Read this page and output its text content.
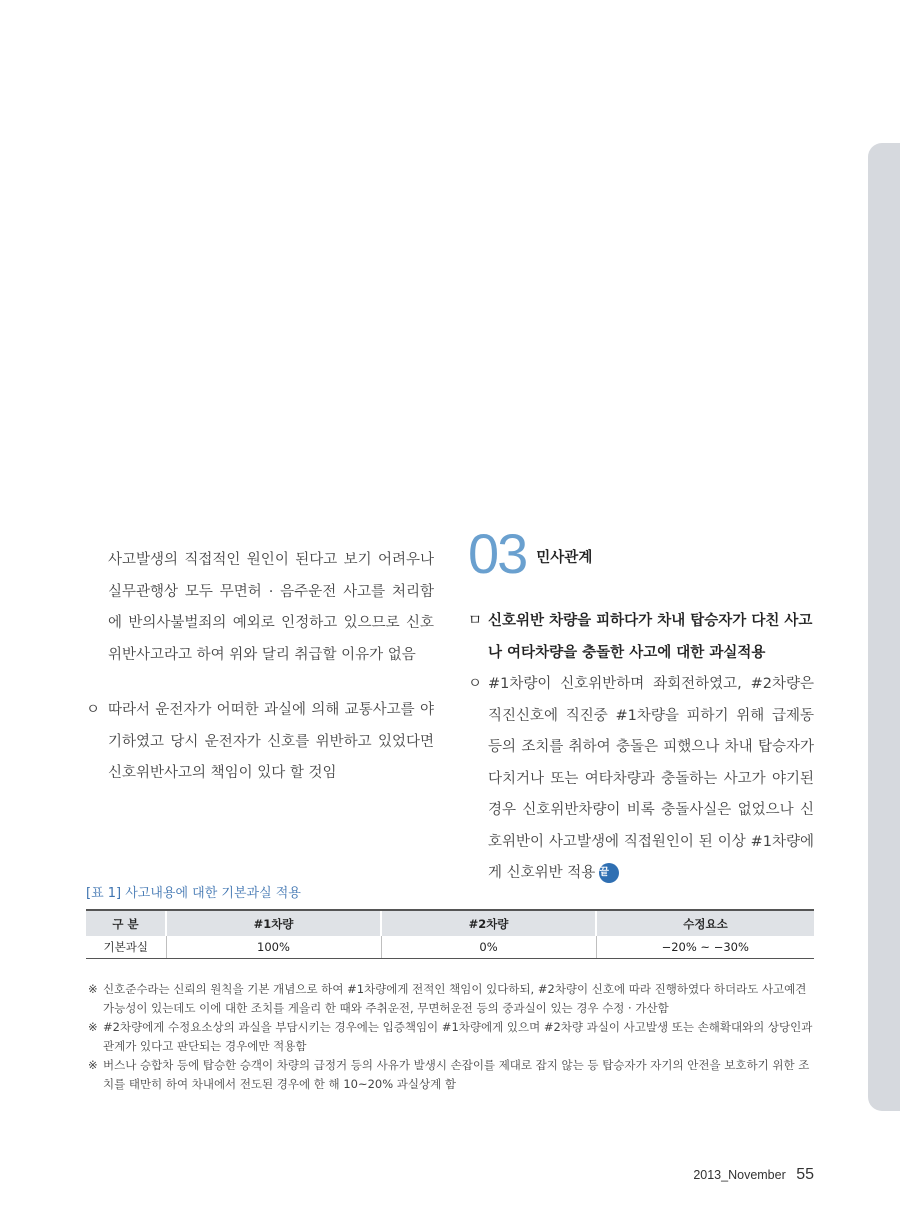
사고발생의 직접적인 원인이 된다고 보기 어려우나 실무관행상 모두 무면허 · 음주운전 사고를 처리함에 반의사불벌죄의 예외로 인정하고 있으므로 신호위반사고라고 하여 위와 달리 취급할 이유가 없음
ㅇ 따라서 운전자가 어떠한 과실에 의해 교통사고를 야기하였고 당시 운전자가 신호를 위반하고 있었다면 신호위반사고의 책임이 있다 할 것임
03 민사관계
ㅁ 신호위반 차량을 피하다가 차내 탑승자가 다친 사고나 여타차량을 충돌한 사고에 대한 과실적용
ㅇ #1차량이 신호위반하며 좌회전하였고, #2차량은 직진신호에 직진중 #1차량을 피하기 위해 급제동 등의 조치를 취하여 충돌은 피했으나 차내 탑승자가 다치거나 또는 여타차량과 충돌하는 사고가 야기된 경우 신호위반차량이 비록 충돌사실은 없었으나 신호위반이 사고발생에 직접원인이 된 이상 #1차량에게 신호위반 적용 끝
[표 1] 사고내용에 대한 기본과실 적용
구 분	#1차량	#2차량	수정요소
기본과실	100%	0%	−20% ~ −30%
※ 신호준수라는 신뢰의 원칙을 기본 개념으로 하여 #1차량에게 전적인 책임이 있다하되, #2차량이 신호에 따라 진행하였다 하더라도 사고예견가능성이 있는데도 이에 대한 조치를 게을리 한 때와 주취운전, 무면허운전 등의 중과실이 있는 경우 수정 · 가산함
※ #2차량에게 수정요소상의 과실을 부담시키는 경우에는 입증책임이 #1차량에게 있으며 #2차량 과실이 사고발생 또는 손해확대와의 상당인과관계가 있다고 판단되는 경우에만 적용함
※ 버스나 승합차 등에 탑승한 승객이 차량의 급정거 등의 사유가 발생시 손잡이를 제대로 잡지 않는 등 탑승자가 자기의 안전을 보호하기 위한 조치를 태만히 하여 차내에서 전도된 경우에 한 해 10~20% 과실상계 함
2013_November 55
